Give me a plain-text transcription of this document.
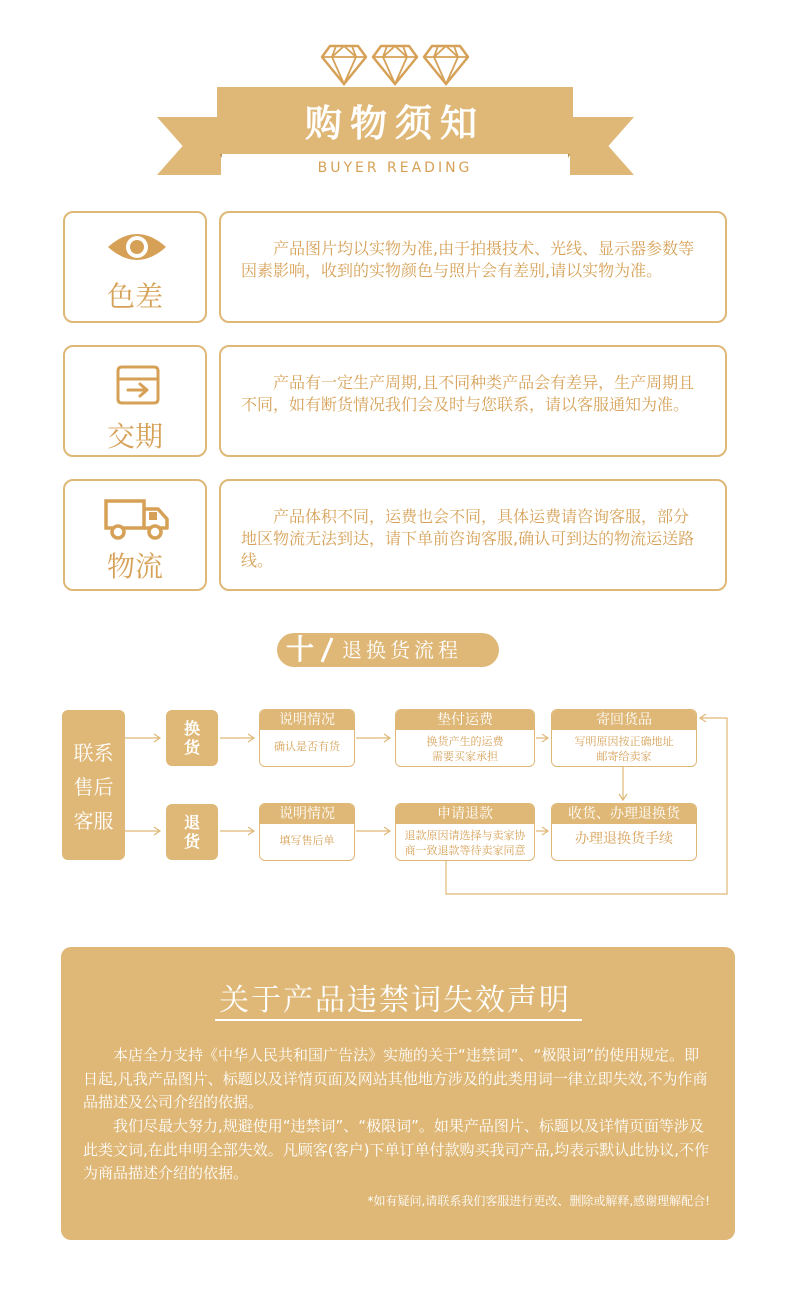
购物须知
BUYER READING
色差
产品图片均以实物为准,由于拍摄技术、光线、显示器参数等因素影响，收到的实物颜色与照片会有差别,请以实物为准。
交期
产品有一定生产周期,且不同种类产品会有差异，生产周期且不同，如有断货情况我们会及时与您联系，请以客服通知为准。
物流
产品体积不同，运费也会不同，具体运费请咨询客服，部分地区物流无法到达，请下单前咨询客服,确认可到达的物流运送路线。
十 退换货流程
联系
售后
客服
换
货
退
货
说明情况
确认是否有货
垫付运费
换货产生的运费
需要买家承担
寄回货品
写明原因按正确地址
邮寄给卖家
说明情况
填写售后单
申请退款
退款原因请选择与卖家协
商一致退款等待卖家同意
收货、办理退换货
办理退换货手续
关于产品违禁词失效声明
本店全力支持《中华人民共和国广告法》实施的关于“违禁词”、“极限词”的使用规定。即日起,凡我产品图片、标题以及详情页面及网站其他地方涉及的此类用词一律立即失效,不为作商品描述及公司介绍的依据。
我们尽最大努力,规避使用“违禁词”、“极限词”。如果产品图片、标题以及详情页面等涉及此类文词,在此申明全部失效。凡顾客(客户)下单订单付款购买我司产品,均表示默认此协议,不作为商品描述介绍的依据。
*如有疑问,请联系我们客服进行更改、删除或解释,感谢理解配合!
